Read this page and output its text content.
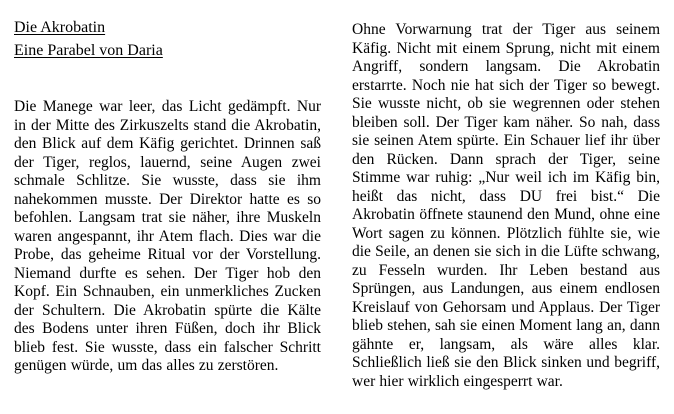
Die Akrobatin
Eine Parabel von Daria

Die Manege war leer, das Licht gedämpft. Nur in der Mitte des Zirkuszelts stand die Akrobatin, den Blick auf dem Käfig gerichtet. Drinnen saß der Tiger, reglos, lauernd, seine Augen zwei schmale Schlitze. Sie wusste, dass sie ihm nahekommen musste. Der Direktor hatte es so befohlen. Langsam trat sie näher, ihre Muskeln waren angespannt, ihr Atem flach. Dies war die Probe, das geheime Ritual vor der Vorstellung. Niemand durfte es sehen. Der Tiger hob den Kopf. Ein Schnauben, ein unmerkliches Zucken der Schultern. Die Akrobatin spürte die Kälte des Bodens unter ihren Füßen, doch ihr Blick blieb fest. Sie wusste, dass ein falscher Schritt genügen würde, um das alles zu zerstören.

Ohne Vorwarnung trat der Tiger aus seinem Käfig. Nicht mit einem Sprung, nicht mit einem Angriff, sondern langsam. Die Akrobatin erstarrte. Noch nie hat sich der Tiger so bewegt. Sie wusste nicht, ob sie wegrennen oder stehen bleiben soll. Der Tiger kam näher. So nah, dass sie seinen Atem spürte. Ein Schauer lief ihr über den Rücken. Dann sprach der Tiger, seine Stimme war ruhig: „Nur weil ich im Käfig bin, heißt das nicht, dass DU frei bist.“ Die Akrobatin öffnete staunend den Mund, ohne eine Wort sagen zu können. Plötzlich fühlte sie, wie die Seile, an denen sie sich in die Lüfte schwang, zu Fesseln wurden. Ihr Leben bestand aus Sprüngen, aus Landungen, aus einem endlosen Kreislauf von Gehorsam und Applaus. Der Tiger blieb stehen, sah sie einen Moment lang an, dann gähnte er, langsam, als wäre alles klar. Schließlich ließ sie den Blick sinken und begriff, wer hier wirklich eingesperrt war.
